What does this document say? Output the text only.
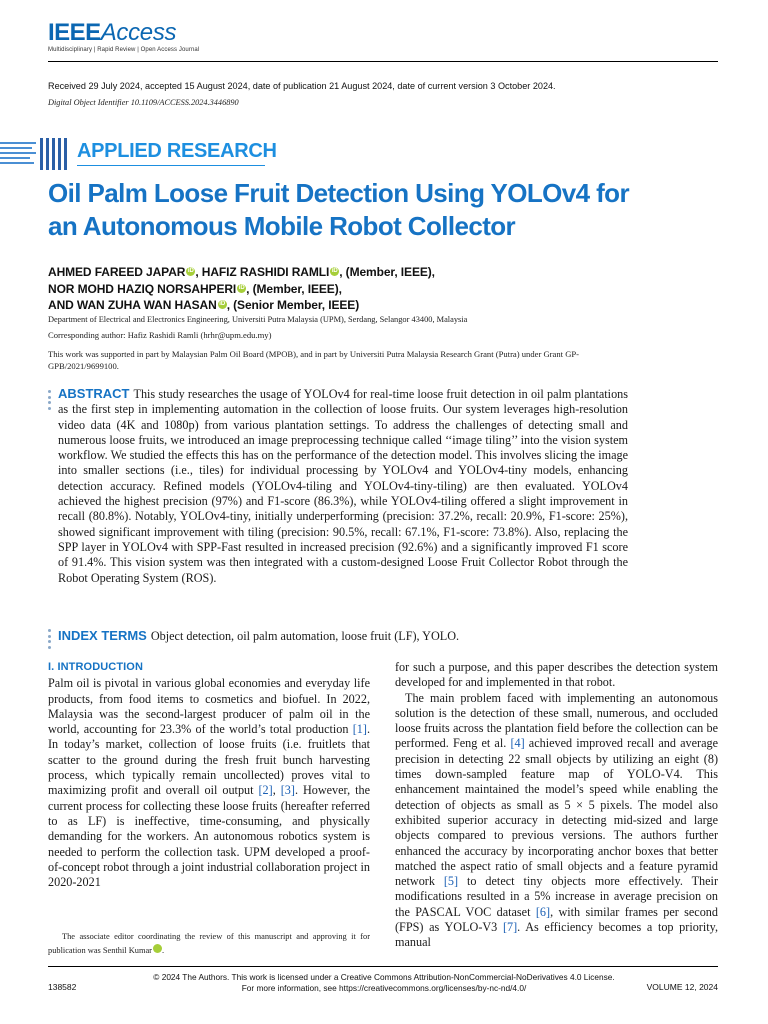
IEEEAccess
Multidisciplinary | Rapid Review | Open Access Journal
Received 29 July 2024, accepted 15 August 2024, date of publication 21 August 2024, date of current version 3 October 2024.
Digital Object Identifier 10.1109/ACCESS.2024.3446890
APPLIED RESEARCH
Oil Palm Loose Fruit Detection Using YOLOv4 for
an Autonomous Mobile Robot Collector
AHMED FAREED JAPAR iD , HAFIZ RASHIDI RAMLI iD , (Member, IEEE),
NOR MOHD HAZIQ NORSAHPERI iD , (Member, IEEE),
AND WAN ZUHA WAN HASAN iD , (Senior Member, IEEE)
Department of Electrical and Electronics Engineering, Universiti Putra Malaysia (UPM), Serdang, Selangor 43400, Malaysia
Corresponding author: Hafiz Rashidi Ramli (hrhr@upm.edu.my)
This work was supported in part by Malaysian Palm Oil Board (MPOB), and in part by Universiti Putra Malaysia Research Grant (Putra) under Grant GP-GPB/2021/9699100.
ABSTRACT This study researches the usage of YOLOv4 for real-time loose fruit detection in oil palm plantations as the first step in implementing automation in the collection of loose fruits. Our system leverages high-resolution video data (4K and 1080p) from various plantation settings. To address the challenges of detecting small and numerous loose fruits, we introduced an image preprocessing technique called ‘‘image tiling’’ into the vision system workflow. We studied the effects this has on the performance of the detection model. This involves slicing the image into smaller sections (i.e., tiles) for individual processing by YOLOv4 and YOLOv4-tiny models, enhancing detection accuracy. Refined models (YOLOv4-tiling and YOLOv4-tiny-tiling) are then evaluated. YOLOv4 achieved the highest precision (97%) and F1-score (86.3%), while YOLOv4-tiling offered a slight improvement in recall (80.8%). Notably, YOLOv4-tiny, initially underperforming (precision: 37.2%, recall: 20.9%, F1-score: 25%), showed significant improvement with tiling (precision: 90.5%, recall: 67.1%, F1-score: 73.8%). Also, replacing the SPP layer in YOLOv4 with SPP-Fast resulted in increased precision (92.6%) and a significantly improved F1 score of 91.4%. This vision system was then integrated with a custom-designed Loose Fruit Collector Robot through the Robot Operating System (ROS).
INDEX TERMS Object detection, oil palm automation, loose fruit (LF), YOLO.
I. INTRODUCTION

Palm oil is pivotal in various global economies and everyday life products, from food items to cosmetics and biofuel. In 2022, Malaysia was the second-largest producer of palm oil in the world, accounting for 23.3% of the world’s total production [1]. In today’s market, collection of loose fruits (i.e. fruitlets that scatter to the ground during the fresh fruit bunch harvesting process, which typically remain uncollected) proves vital to maximizing profit and overall oil output [2], [3]. However, the current process for collecting these loose fruits (hereafter referred to as LF) is ineffective, time-consuming, and physically demanding for the workers. An autonomous robotics system is needed to perform the collection task. UPM developed a proof-of-concept robot through a joint industrial collaboration project in 2020-2021

for such a purpose, and this paper describes the detection system developed for and implemented in that robot.

The main problem faced with implementing an autonomous solution is the detection of these small, numerous, and occluded loose fruits across the plantation field before the collection can be performed. Feng et al. [4] achieved improved recall and average precision in detecting 22 small objects by utilizing an eight (8) times down-sampled feature map of YOLO-V4. This enhancement maintained the model’s speed while enabling the detection of objects as small as 5 × 5 pixels. The model also exhibited superior accuracy in detecting mid-sized and large objects compared to previous versions. The authors further enhanced the accuracy by incorporating anchor boxes that better matched the aspect ratio of small objects and a feature pyramid network [5] to detect tiny objects more effectively. Their modifications resulted in a 5% increase in average precision on the PASCAL VOC dataset [6], with similar frames per second (FPS) as YOLO-V3 [7]. As efficiency becomes a top priority, manual

The associate editor coordinating the review of this manuscript and approving it for publication was Senthil Kumar	iD.
© 2024 The Authors. This work is licensed under a Creative Commons Attribution-NonCommercial-NoDerivatives 4.0 License.
For more information, see https://creativecommons.org/licenses/by-nc-nd/4.0/
138582	VOLUME 12, 2024
